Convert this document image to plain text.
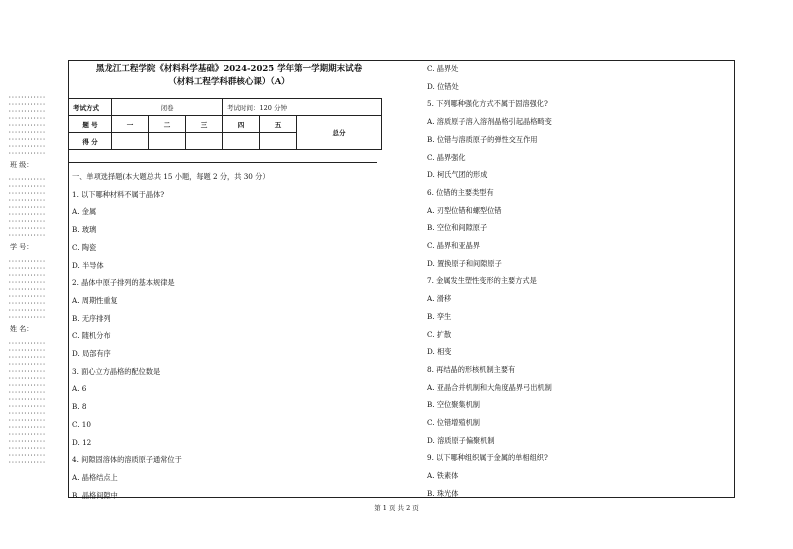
············
············
············
············
············
············
············
············
············
班 级：
············
············
············
············
············
············
············
············
············
学 号：
············
············
············
············
············
············
············
············
············
姓 名：
············
············
············
············
············
············
············
············
············
············
············
············
············
············
············
············
············
············
黑龙江工程学院《材料科学基础》2024-2025 学年第一学期期末试卷
（材料工程学科群核心课）（A）
考试方式	闭卷			考试时间：120 分钟		
题 号	一	二	三	四	五	总分
得 分						
一、单项选择题(本大题总共 15 小题，每题 2 分，共 30 分）
1. 以下哪种材料不属于晶体?
A. 金属
B. 玻璃
C. 陶瓷
D. 半导体
2. 晶体中原子排列的基本规律是
A. 周期性重复
B. 无序排列
C. 随机分布
D. 局部有序
3. 面心立方晶格的配位数是
A. 6
B. 8
C. 10
D. 12
4. 间隙固溶体的溶质原子通常位于
A. 晶格结点上
B. 晶格间隙中
C. 晶界处
D. 位错处
5. 下列哪种强化方式不属于固溶强化?
A. 溶质原子溶入溶剂晶格引起晶格畸变
B. 位错与溶质原子的弹性交互作用
C. 晶界强化
D. 柯氏气团的形成
6. 位错的主要类型有
A. 刃型位错和螺型位错
B. 空位和间隙原子
C. 晶界和亚晶界
D. 置换原子和间隙原子
7. 金属发生塑性变形的主要方式是
A. 滑移
B. 孪生
C. 扩散
D. 相变
8. 再结晶的形核机制主要有
A. 亚晶合并机制和大角度晶界弓出机制
B. 空位聚集机制
C. 位错增殖机制
D. 溶质原子偏聚机制
9. 以下哪种组织属于金属的单相组织?
A. 铁素体
B. 珠光体
第 1 页 共 2 页
